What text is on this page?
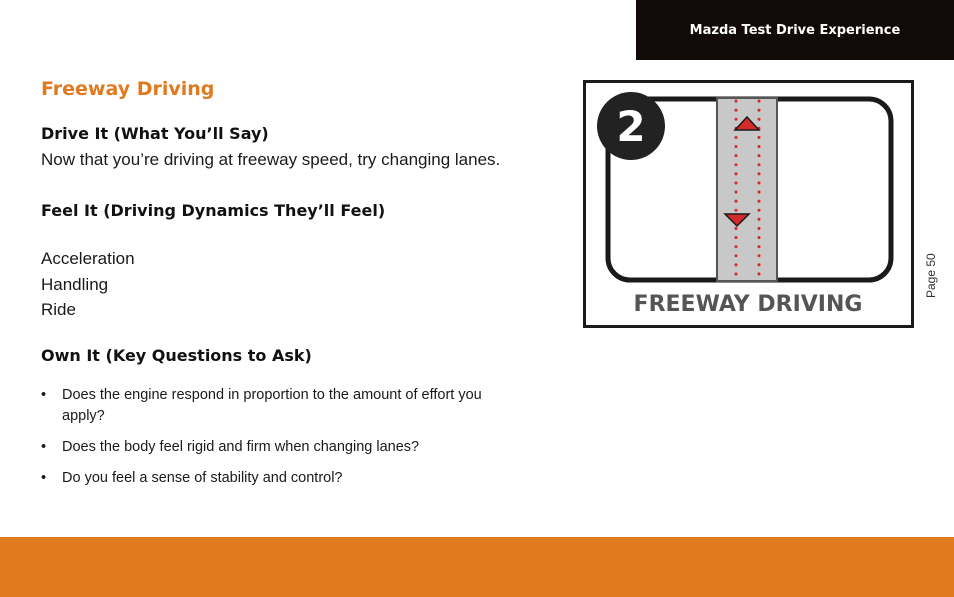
Mazda Test Drive Experience
Freeway Driving
Drive It (What You’ll Say)

Now that you’re driving at freeway speed, try changing lanes.

Feel It (Driving Dynamics They’ll Feel)
Acceleration
Handling
Ride
Own It (Key Questions to Ask)
• Does the engine respond in proportion to the amount of effort you apply?
• Does the body feel rigid and firm when changing lanes?
• Do you feel a sense of stability and control?
2
FREEWAY DRIVING
Page 50
